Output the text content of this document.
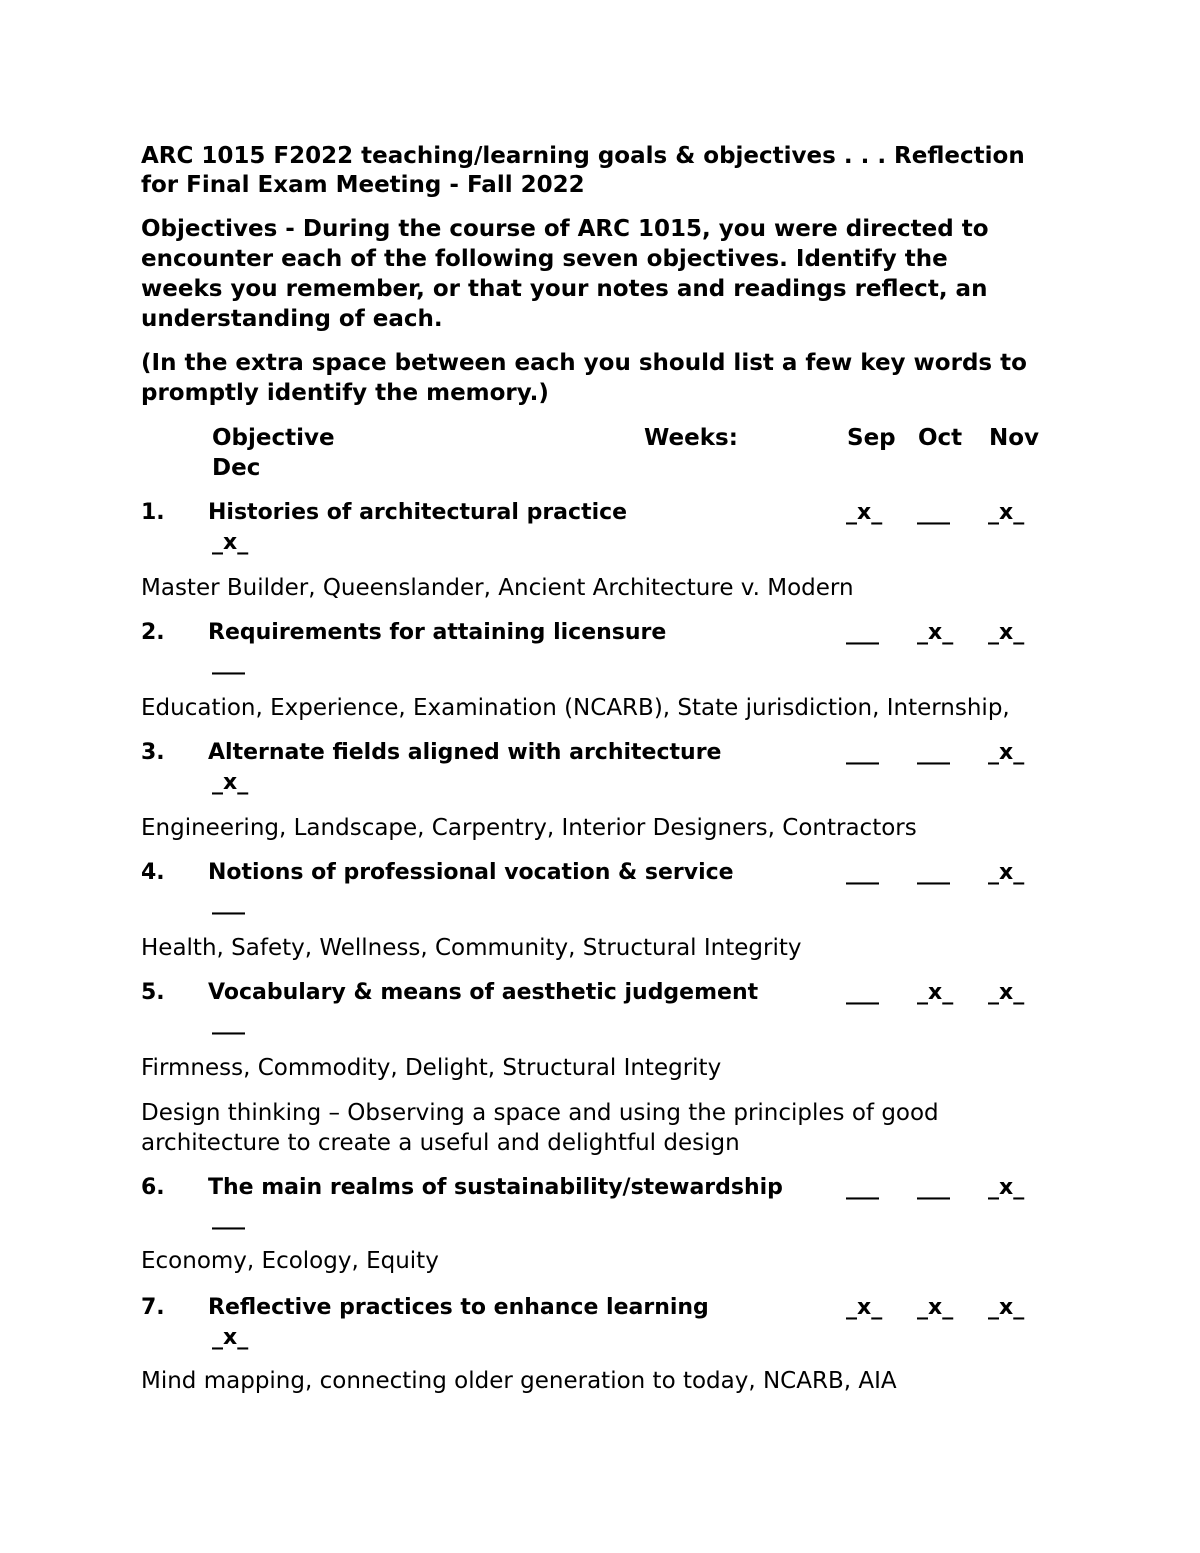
ARC 1015 F2022 teaching/learning goals & objectives . . . Reflection
for Final Exam Meeting - Fall 2022
Objectives - During the course of ARC 1015, you were directed to
encounter each of the following seven objectives. Identify the
weeks you remember, or that your notes and readings reflect, an
understanding of each.
(In the extra space between each you should list a few key words to
promptly identify the memory.)
Objective	Weeks:	Sep Oct Nov
Dec
1. Histories of architectural practice	_x_ ___ _x_
_x_
Master Builder, Queenslander, Ancient Architecture v. Modern
2. Requirements for attaining licensure	___ _x_ _x_
___
Education, Experience, Examination (NCARB), State jurisdiction, Internship,
3. Alternate fields aligned with architecture	___ ___ _x_
_x_
Engineering, Landscape, Carpentry, Interior Designers, Contractors
4. Notions of professional vocation & service	___ ___ _x_
___
Health, Safety, Wellness, Community, Structural Integrity
5. Vocabulary & means of aesthetic judgement	___ _x_ _x_
___
Firmness, Commodity, Delight, Structural Integrity
Design thinking – Observing a space and using the principles of good
architecture to create a useful and delightful design
6. The main realms of sustainability/stewardship	___ ___ _x_
___
Economy, Ecology, Equity
7. Reflective practices to enhance learning	_x_ _x_ _x_
_x_
Mind mapping, connecting older generation to today, NCARB, AIA
